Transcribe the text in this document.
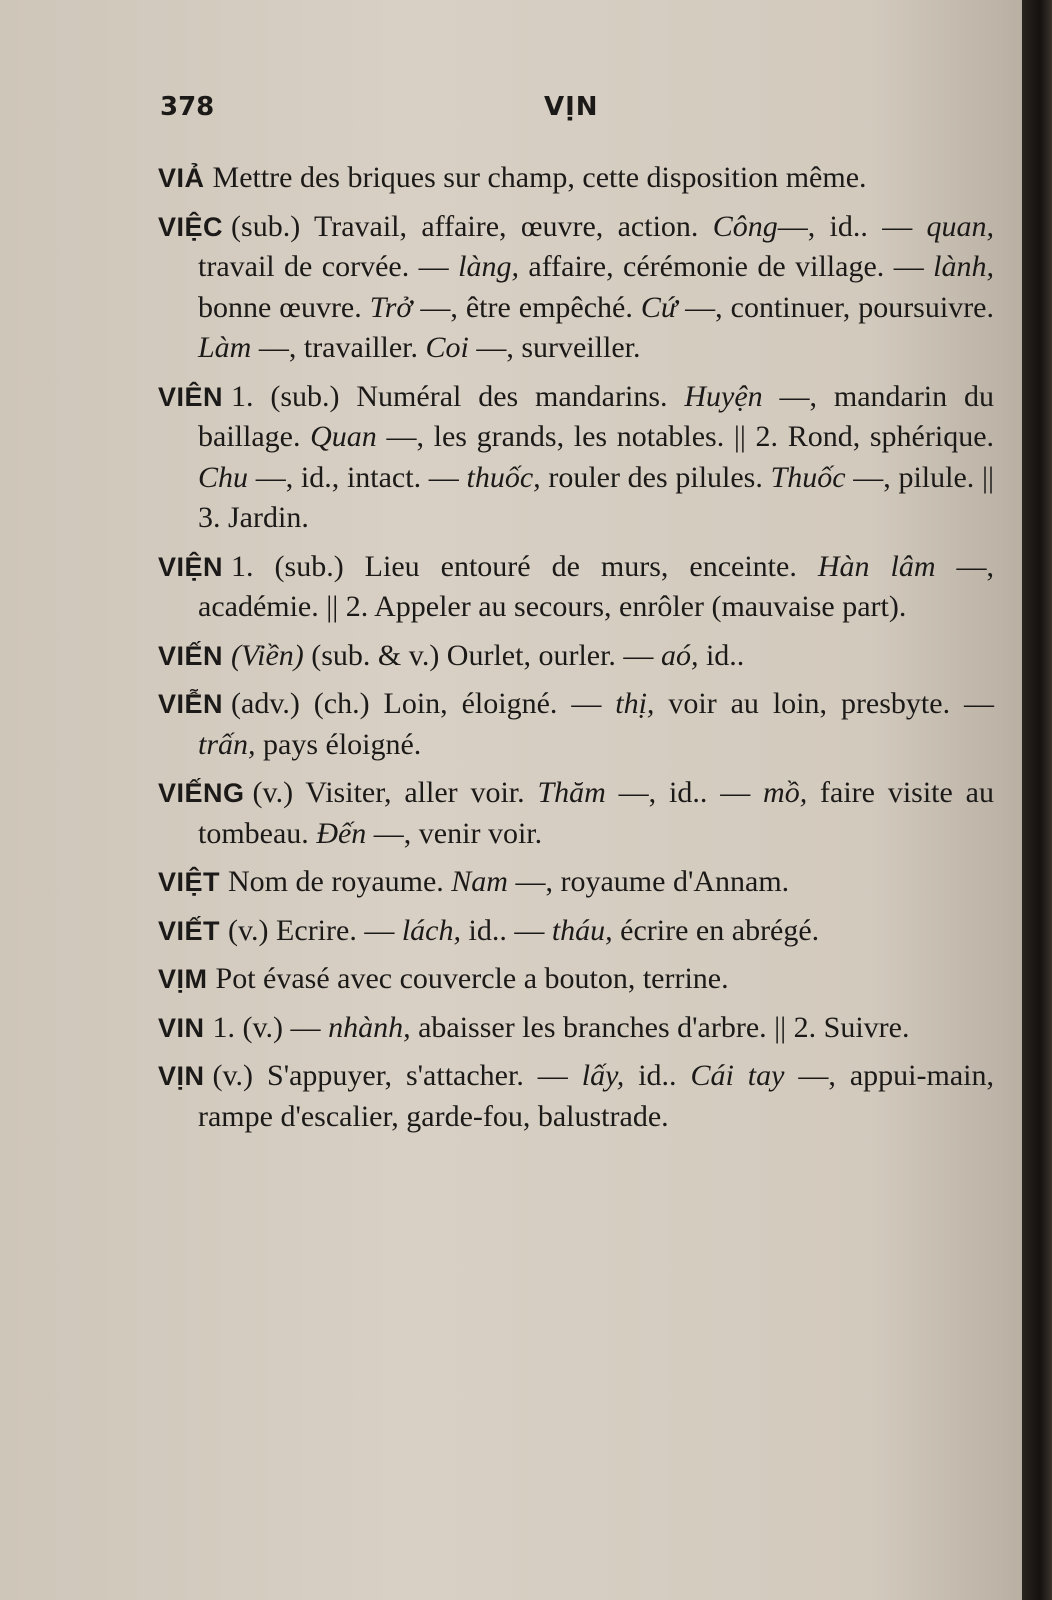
378	VỊN

VIẢ Mettre des briques sur champ, cette disposition même.

VIỆC (sub.) Travail, affaire, œuvre, action. Công—, id.. — quan, travail de corvée. — làng, affaire, cérémonie de village. — lành, bonne œuvre. Trở —, être empêché. Cứ —, continuer, poursuivre. Làm —, travailler. Coi —, surveiller.

VIÊN 1. (sub.) Numéral des mandarins. Huyện —, mandarin du baillage. Quan —, les grands, les notables. || 2. Rond, sphérique. Chu —, id., intact. — thuốc, rouler des pilules. Thuốc —, pilule. || 3. Jardin.

VIỆN 1. (sub.) Lieu entouré de murs, enceinte. Hàn lâm —, académie. || 2. Appeler au secours, enrôler (mauvaise part).

VIẾN (Viền) (sub. & v.) Ourlet, ourler. — aó, id..

VIỄN (adv.) (ch.) Loin, éloigné. — thị, voir au loin, presbyte. — trấn, pays éloigné.

VIẾNG (v.) Visiter, aller voir. Thăm —, id.. — mồ, faire visite au tombeau. Đến —, venir voir.

VIỆT Nom de royaume. Nam —, royaume d'Annam.

VIẾT (v.) Ecrire. — lách, id.. — tháu, écrire en abrégé.

VỊM Pot évasé avec couvercle a bouton, terrine.

VIN 1. (v.) — nhành, abaisser les branches d'arbre. || 2. Suivre.

VỊN (v.) S'appuyer, s'attacher. — lấy, id.. Cái tay —, appui-main, rampe d'escalier, garde-fou, balustrade.
